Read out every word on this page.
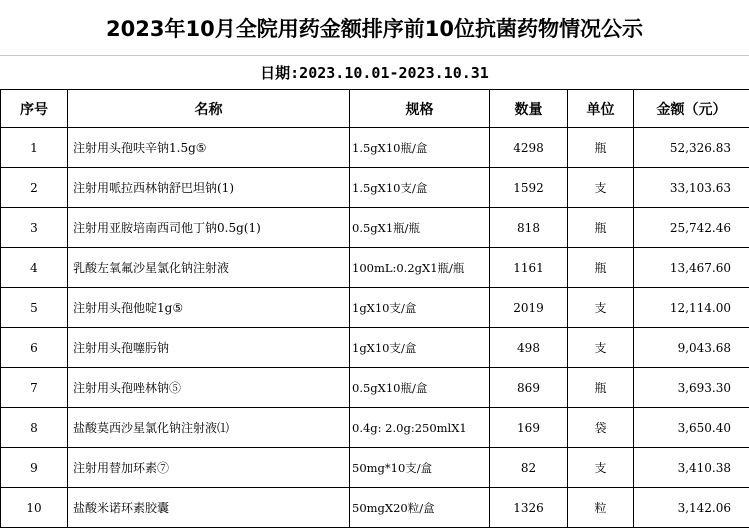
2023年10月全院用药金额排序前10位抗菌药物情况公示
日期:2023.10.01-2023.10.31
序号	名称	规格	数量	单位	金额（元）
1	注射用头孢呋辛钠1.5g⑤	1.5gX10瓶/盒	4298	瓶	52,326.83
2	注射用哌拉西林钠舒巴坦钠(1)	1.5gX10支/盒	1592	支	33,103.63
3	注射用亚胺培南西司他丁钠0.5g(1)	0.5gX1瓶/瓶	818	瓶	25,742.46
4	乳酸左氧氟沙星氯化钠注射液	100mL:0.2gX1瓶/瓶	1161	瓶	13,467.60
5	注射用头孢他啶1g⑤	1gX10支/盒	2019	支	12,114.00
6	注射用头孢噻肟钠	1gX10支/盒	498	支	9,043.68
7	注射用头孢唑林钠⑤	0.5gX10瓶/盒	869	瓶	3,693.30
8	盐酸莫西沙星氯化钠注射液⑴	0.4g: 2.0g:250mlX1	169	袋	3,650.40
9	注射用替加环素⑦	50mg*10支/盒	82	支	3,410.38
10	盐酸米诺环素胶囊	50mgX20粒/盒	1326	粒	3,142.06
